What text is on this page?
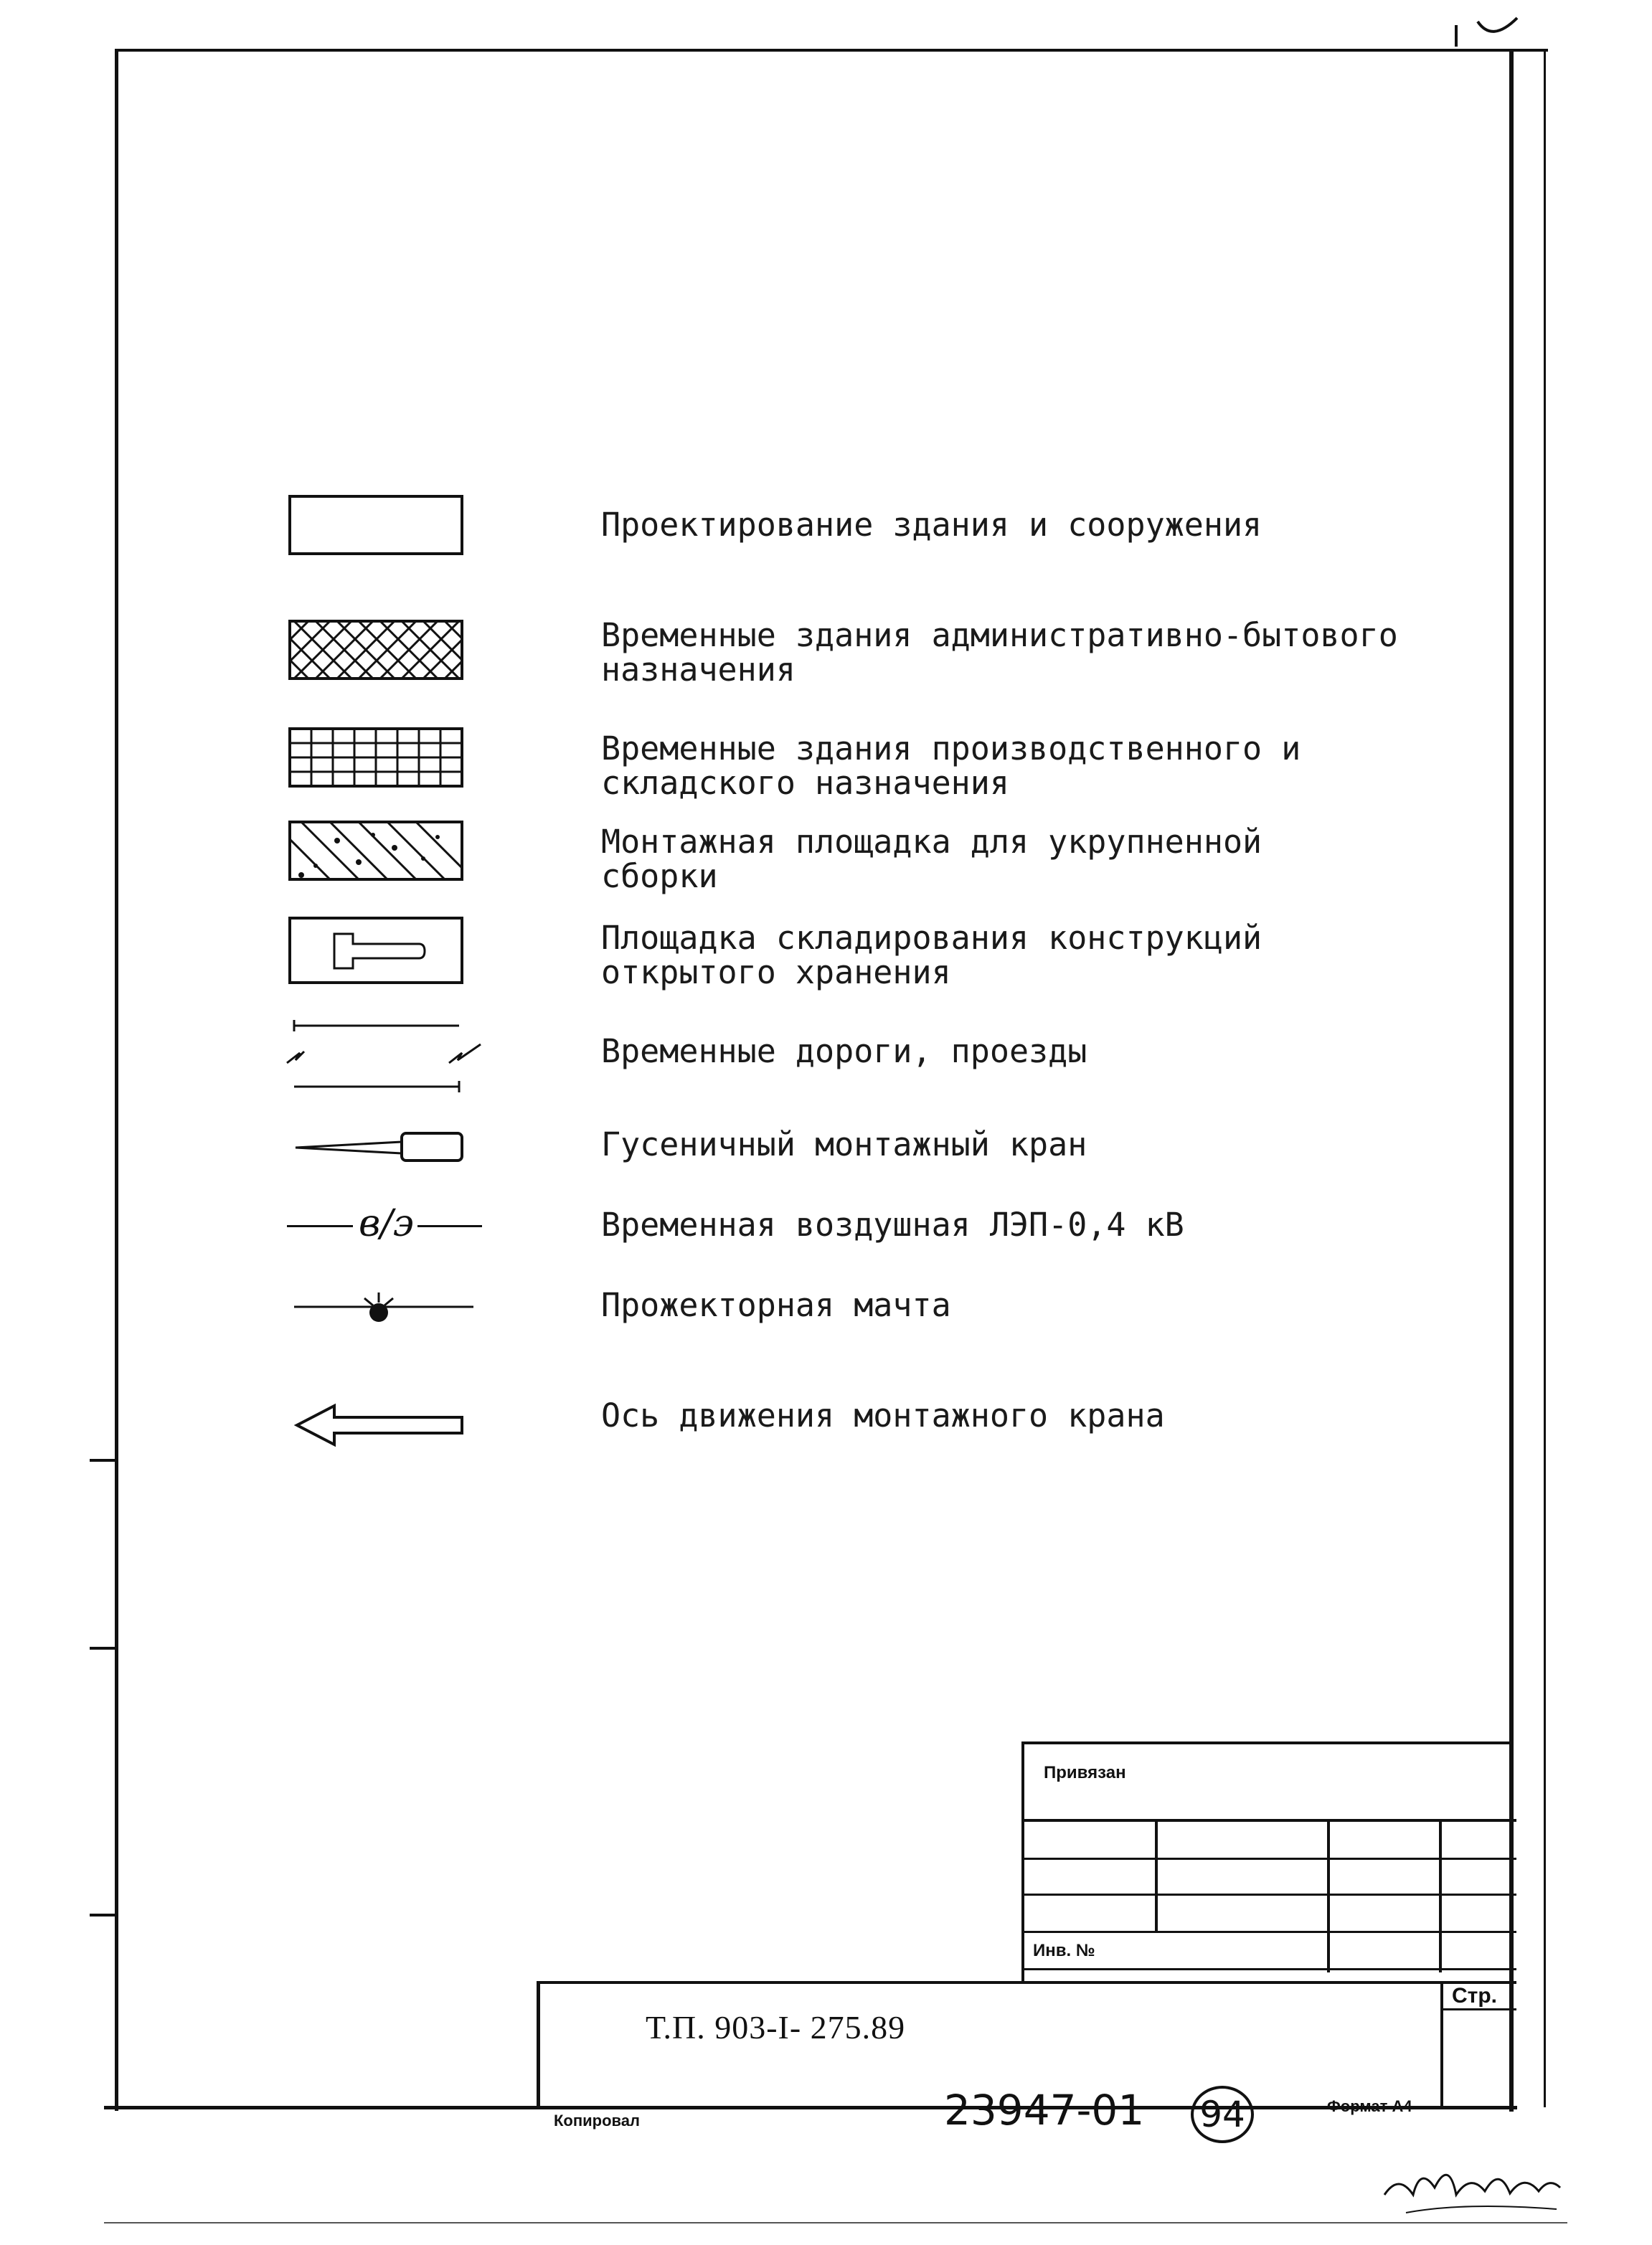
Проектирование здания и сооружения
Временные здания административно-бытового
назначения
Временные здания производственного и
складского назначения
Монтажная площадка для укрупненной
сборки
Площадка складирования конструкций
открытого хранения
Временные дороги, проезды
Гусеничный монтажный кран
в/э	Временная воздушная ЛЭП-0,4 кВ
Прожекторная мачта
Ось движения монтажного крана
Привязан
Инв. №
Стр.
Т.П. 903-I- 275.89
Копировал	23947-01 94	Формат А4
